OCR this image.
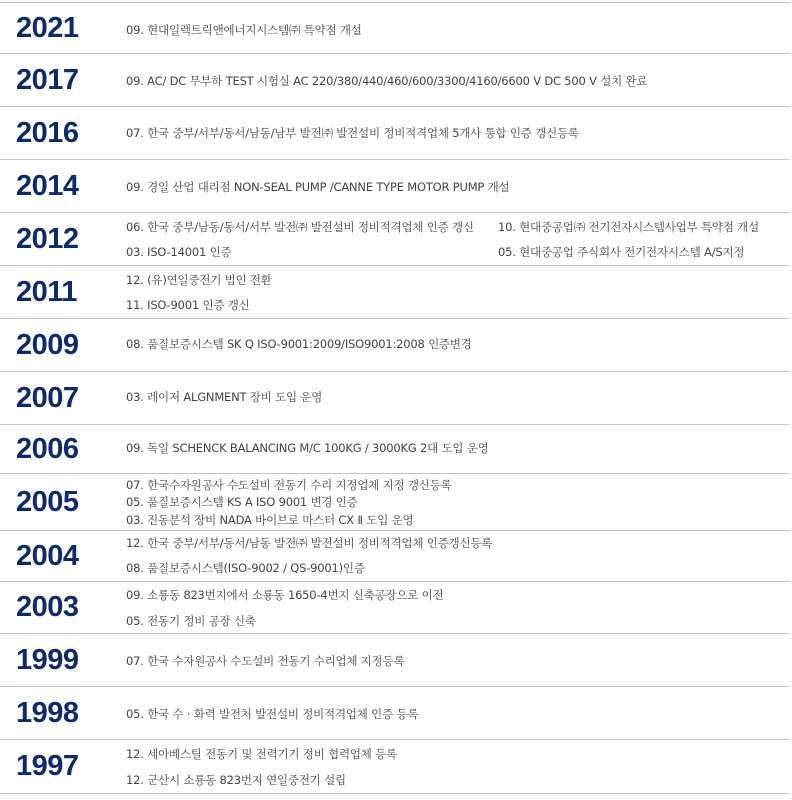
2021	09. 현대일렉트릭앤에너지시스템㈜ 특약점 개설
2017	09. AC/ DC 무부하 TEST 시험실 AC 220/380/440/460/600/3300/4160/6600 V DC 500 V 설치 완료
2016	07. 한국 중부/서부/동서/남동/남부 발전㈜ 발전설비 정비적격업체 5개사 통합 인증 갱신등록
2014	09. 경일 산업 대리점 NON-SEAL PUMP /CANNE TYPE MOTOR PUMP 개설
2012	06. 한국 중부/남동/동서/서부 발전㈜ 발전설비 정비적격업체 인증 갱신 10. 현대중공업㈜ 전기전자시스템사업부 특약점 개설
03. ISO-14001 인증	05. 현대중공업 주식회사 전기전자시스템 A/S지정
2011	12. (유)연일중전기 법인 전환
11. ISO-9001 인증 갱신
2009	08. 품질보증시스템 SK Q ISO-9001:2009/ISO9001:2008 인증변경
2007	03. 레이저 ALGNMENT 장비 도입 운영
2006	09. 독일 SCHENCK BALANCING M/C 100KG / 3000KG 2대 도입 운영
2005
07. 한국수자원공사 수도설비 전동기 수리 지정업체 지정 갱신등록
05. 품질보증시스템 KS A ISO 9001 변경 인증
03. 진동분석 장비 NADA 바이브로 마스터 CX Ⅱ 도입 운영
2004	12. 한국 중부/서부/동서/남동 발전㈜ 발전설비 정비적격업체 인증갱신등록
08. 품질보증시스템(ISO-9002 / QS-9001)인증
2003	09. 소룡동 823번지에서 소룡동 1650-4번지 신축공장으로 이전
05. 전동기 정비 공장 신축
1999	07. 한국 수자원공사 수도설비 전동기 수리업체 지정등록
1998	05. 한국 수 · 화력 발전처 발전설비 정비적격업체 인증 등록
1997	12. 세아베스틸 전동기 및 전력기기 정비 협력업체 등록
12. 군산시 소룡동 823번지 연일중전기 설립
